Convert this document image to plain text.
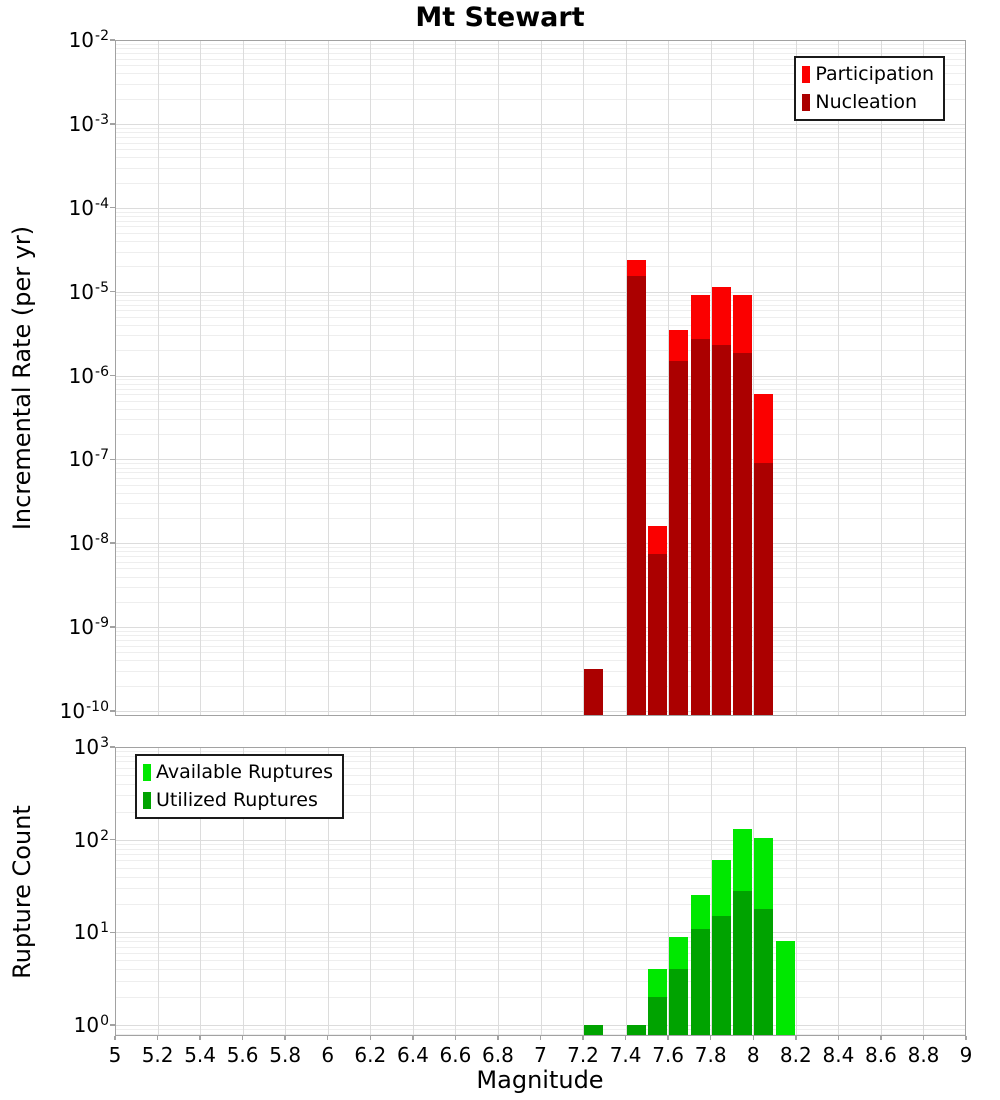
Mt Stewart
Incremental Rate (per yr)
Rupture Count
Participation
Nucleation
Available Ruptures
Utilized Ruptures
Magnitude
$10^{-2}$
$10^{-3}$
$10^{-4}$
$10^{-5}$
$10^{-6}$
$10^{-7}$
$10^{-8}$
$10^{-9}$
$10^{-10}$
$10^3$
$10^2$
$10^1$
$10^0$
5	5.2 5.4 5.6 5.8	6	6.2 6.4 6.6 6.8	7	7.2 7.4 7.6 7.8	8	8.2 8.4 8.6 8.8	9
